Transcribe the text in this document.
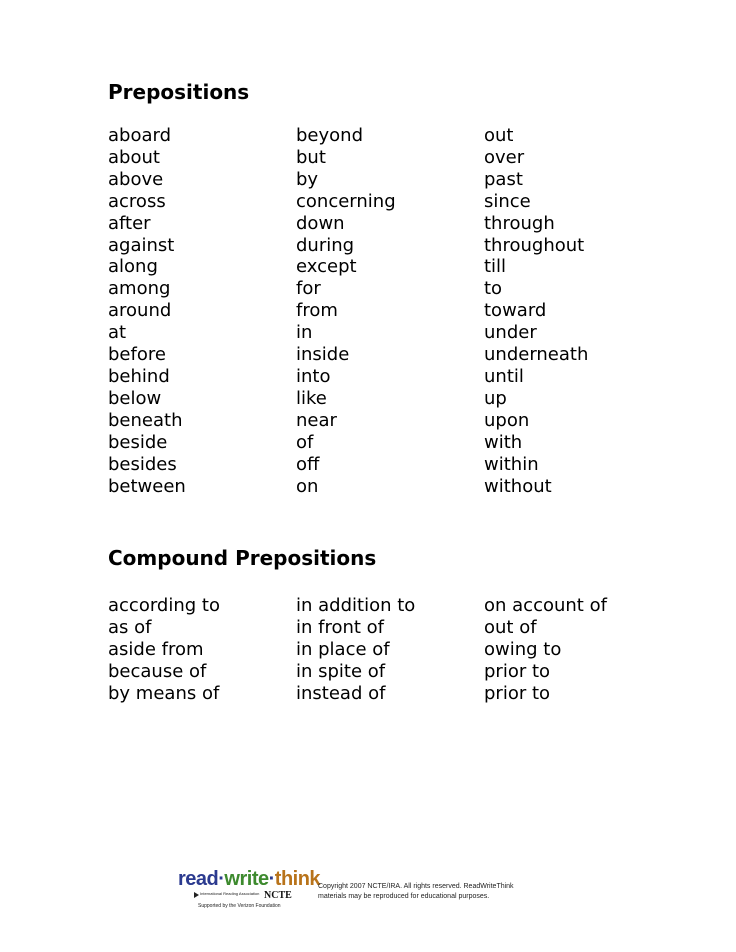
Prepositions
aboard
about
above
across
after
against
along
among
around
at
before
behind
below
beneath
beside
besides
between
beyond
but
by
concerning
down
during
except
for
from
in
inside
into
like
near
of
off
on
out
over
past
since
through
throughout
till
to
toward
under
underneath
until
up
upon
with
within
without
Compound Prepositions
according to
as of
aside from
because of
by means of
in addition to
in front of
in place of
in spite of
instead of
on account of
out of
owing to
prior to
prior to
read·write·think
International Reading Association NCTE
Supported by the Verizon Foundation
Copyright 2007 NCTE/IRA. All rights reserved. ReadWriteThink
materials may be reproduced for educational purposes.
